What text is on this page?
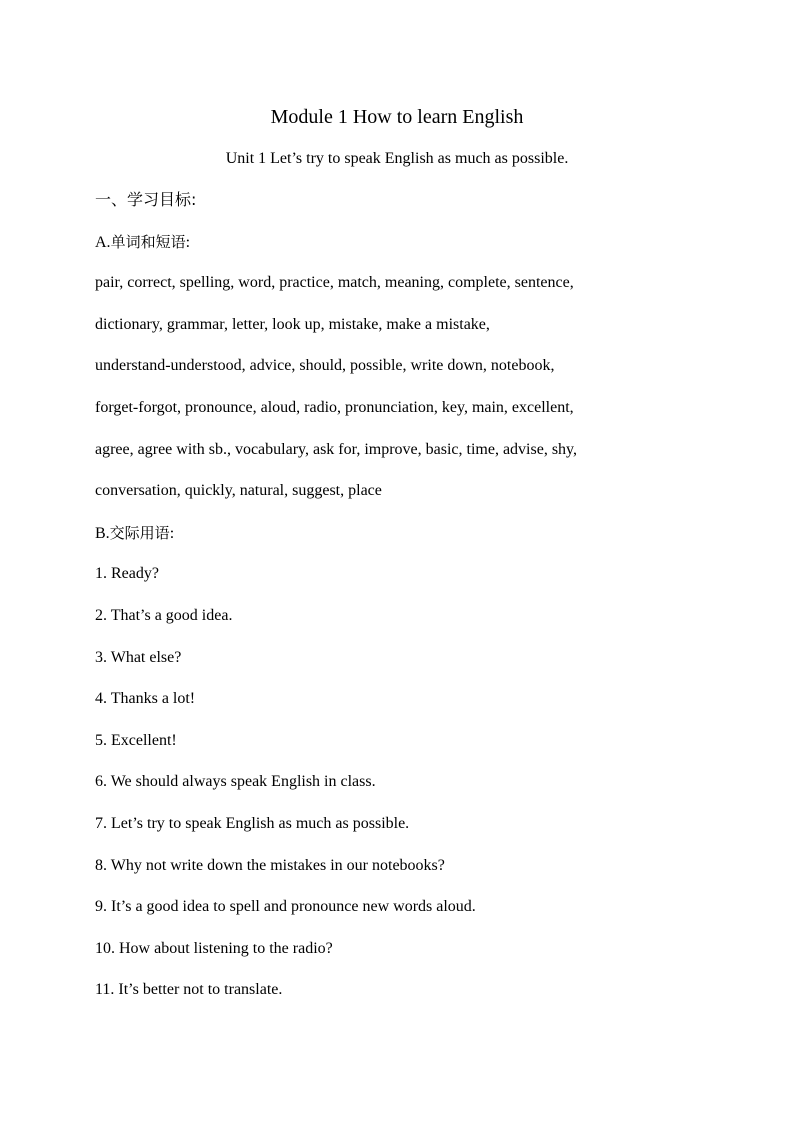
Module 1 How to learn English
Unit 1 Let’s try to speak English as much as possible.
一、学习目标:
A.单词和短语:
pair, correct, spelling, word, practice, match, meaning, complete, sentence,
dictionary, grammar, letter, look up, mistake, make a mistake,
understand-understood, advice, should, possible, write down, notebook,
forget-forgot, pronounce, aloud, radio, pronunciation, key, main, excellent,
agree, agree with sb., vocabulary, ask for, improve, basic, time, advise, shy,
conversation, quickly, natural, suggest, place
B.交际用语:
1. Ready?
2. That’s a good idea.
3. What else?
4. Thanks a lot!
5. Excellent!
6. We should always speak English in class.
7. Let’s try to speak English as much as possible.
8. Why not write down the mistakes in our notebooks?
9. It’s a good idea to spell and pronounce new words aloud.
10. How about listening to the radio?
11. It’s better not to translate.
